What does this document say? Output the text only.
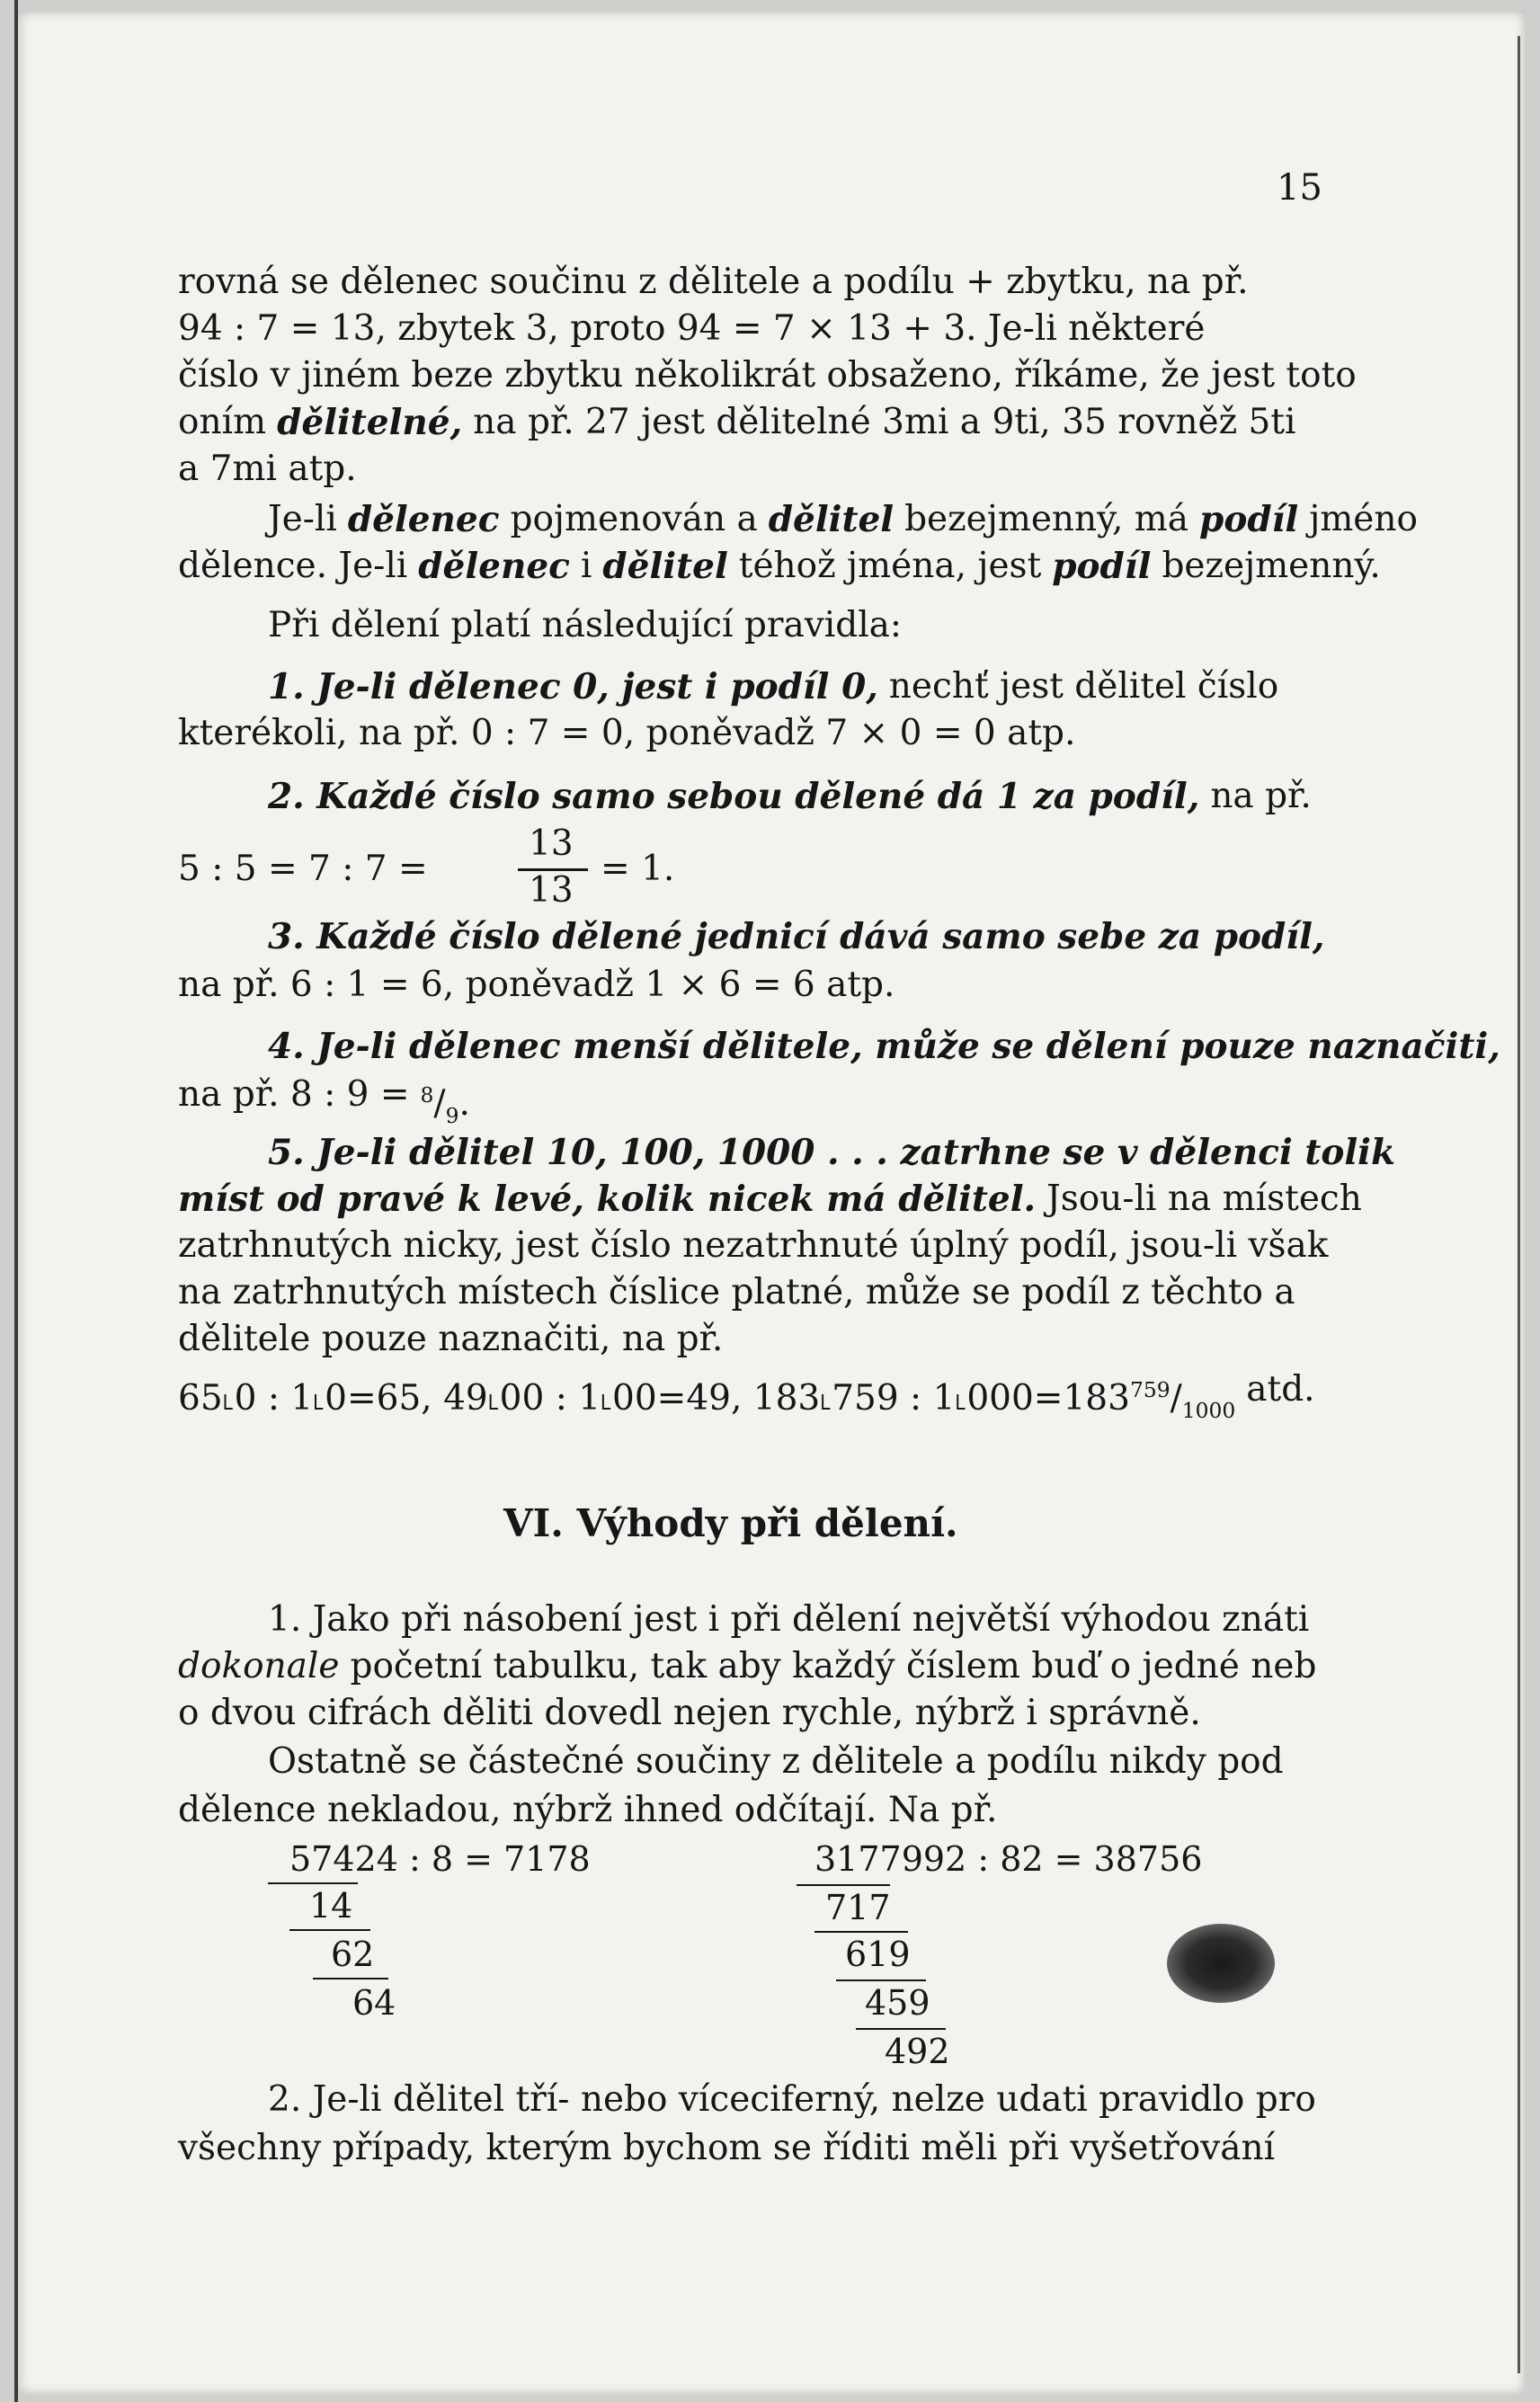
15
rovná se dělenec součinu z dělitele a podílu + zbytku, na př.
94 : 7 = 13, zbytek 3, proto 94 = 7 × 13 + 3. Je-li některé
číslo v jiném beze zbytku několikrát obsaženo, říkáme, že jest toto
oním dělitelné, na př. 27 jest dělitelné 3mi a 9ti, 35 rovněž 5ti
a 7mi atp.
Je-li dělenec pojmenován a dělitel bezejmenný, má podíl jméno
dělence. Je-li dělenec i dělitel téhož jména, jest podíl bezejmenný.
Při dělení platí následující pravidla:
1. Je-li dělenec 0, jest i podíl 0, nechť jest dělitel číslo
kterékoli, na př. 0 : 7 = 0, poněvadž 7 × 0 = 0 atp.
2. Každé číslo samo sebou dělené dá 1 za podíl, na př.
5 : 5 = 7 : 7 =
13
13
= 1.
3. Každé číslo dělené jednicí dává samo sebe za podíl,
na př. 6 : 1 = 6, poněvadž 1 × 6 = 6 atp.
4. Je-li dělenec menší dělitele, může se dělení pouze naznačiti,
na př. 8 : $9 = ^8/_9$.
5. Je-li dělitel 10, 100, 1000 . . . zatrhne se v dělenci tolik
míst od pravé k levé, kolik nicek má dělitel. Jsou-li na místech
zatrhnutých nicky, jest číslo nezatrhnuté úplný podíl, jsou-li však
na zatrhnutých místech číslice platné, může se podíl z těchto a
dělitele pouze naznačiti, na př.
65˪0 : 1˪0=65, 49˪00 : 1˪00=49, 183˪759 : $1˪000=183^{759}/_{1000}$
atd.
VI. Výhody při dělení.
1. Jako při násobení jest i při dělení největší výhodou znáti
dokonale početní tabulku, tak aby každý číslem buď o jedné neb
o dvou cifrách děliti dovedl nejen rychle, nýbrž i správně.
Ostatně se částečné součiny z dělitele a podílu nikdy pod
dělence nekladou, nýbrž ihned odčítají. Na př.
57424 : 8 = 7178
14
62
64
3177992 : 82 = 38756
717
619
459
492
2. Je-li dělitel tří- nebo víceciferný, nelze udati pravidlo pro
všechny případy, kterým bychom se říditi měli při vyšetřování
